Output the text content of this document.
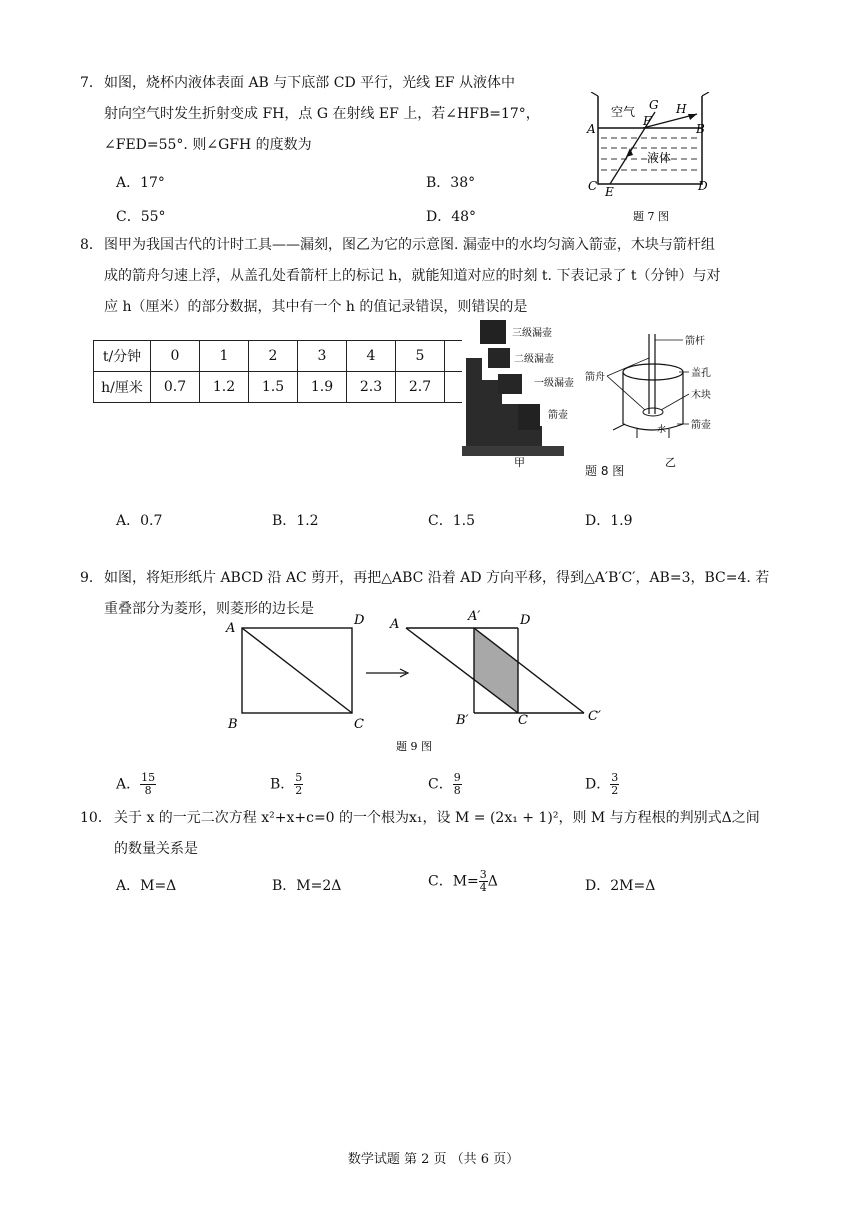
7． 如图，烧杯内液体表面 AB 与下底部 CD 平行，光线 EF 从液体中
射向空气时发生折射变成 FH，点 G 在射线 EF 上，若∠HFB=17°，
∠FED=55°. 则∠GFH 的度数为
A．17°	B．38°
C．55°	D．48°
空气
液体
A	B
C	D
E
F
G H
题 7 图
8． 图甲为我国古代的计时工具——漏刻，图乙为它的示意图. 漏壶中的水均匀滴入箭壶，木块与箭杆组
成的箭舟匀速上浮，从盖孔处看箭杆上的标记 h，就能知道对应的时刻 t. 下表记录了 t（分钟）与对
应 h（厘米）的部分数据，其中有一个 h 的值记录错误，则错误的是
t/分钟	0	1	2	3	4	5	
h/厘米	0.7	1.2	1.5	1.9	2.3	2.7	
三级漏壶
二级漏壶
一级漏壶
箭壶
甲
箭杆
箭舟	盖孔
木块
水 箭壶
乙
题 8 图
A．0.7	B．1.2	C．1.5	D．1.9
9． 如图，将矩形纸片 ABCD 沿 AC 剪开，再把△ABC 沿着 AD 方向平移，得到△A′B′C′，AB=3，BC=4. 若
重叠部分为菱形，则菱形的边长是
A
D
B	C
A
A′	D
B′	C	C′
题 9 图
A． $\frac{15}{8}$	B． $\frac{5}{2}$	C． $\frac{9}{8}$	D． $\frac{3}{2}$
10． 关于 x 的一元二次方程 x²+x+c=0 的一个根为x₁，设 M = (2x₁ + 1)²，则 M 与方程根的判别式Δ之间
的数量关系是
A．M=Δ	B．M=2Δ	C．$M= \frac{3}{4}$ Δ	D．2M=Δ
数学试题 第 2 页 （共 6 页）
